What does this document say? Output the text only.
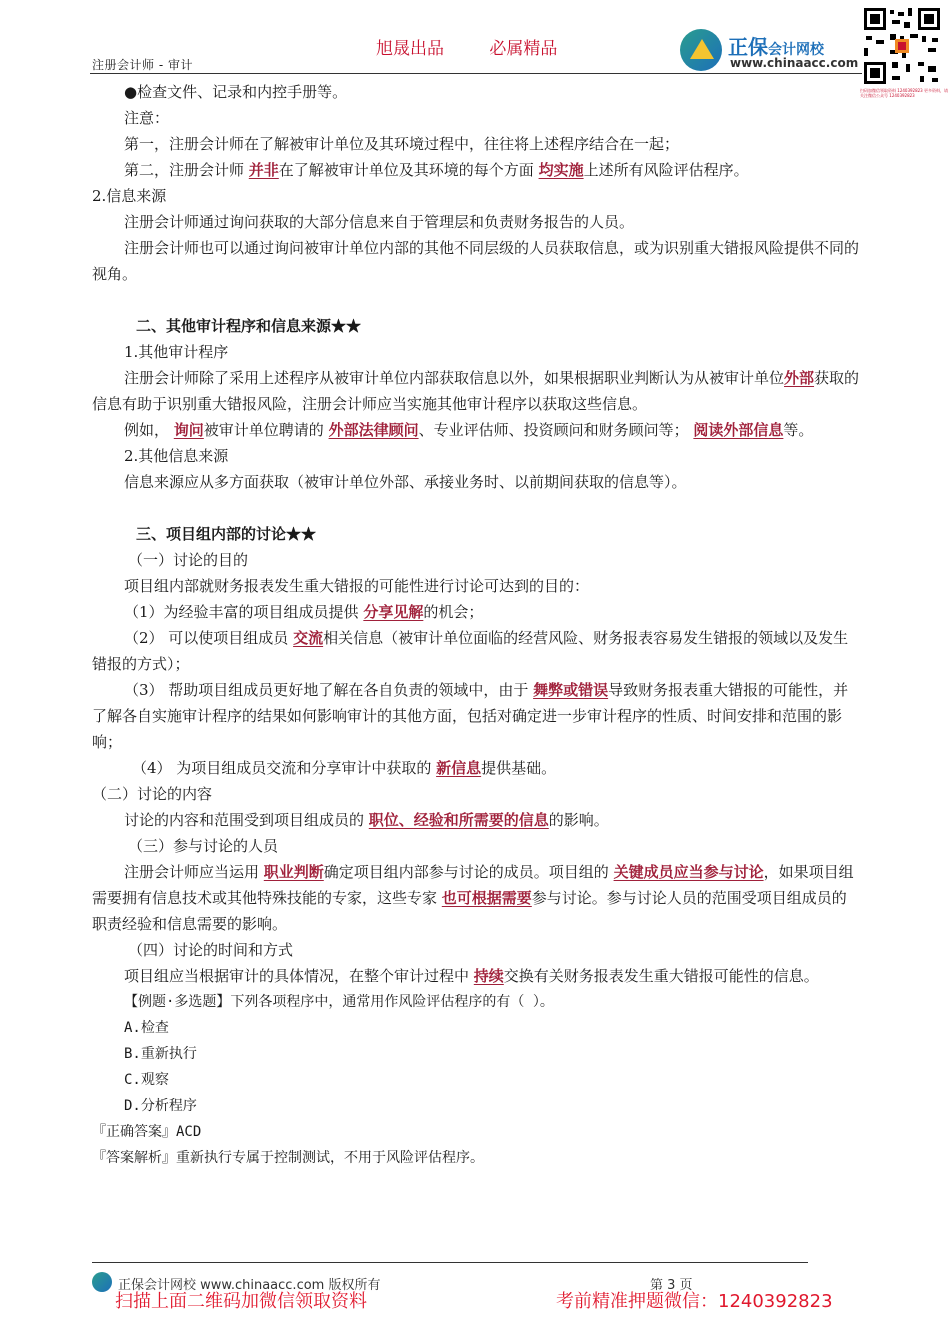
旭晟出品	必属精品
注册会计师 - 审计
正保会计网校
www.chinaacc.com
扫码加微信领取资料 1240392823 更多资料，请关注微信公众号 1240392823

●检查文件、记录和内控手册等。

注意：

第一，注册会计师在了解被审计单位及其环境过程中，往往将上述程序结合在一起；

第二，注册会计师 并非在了解被审计单位及其环境的每个方面 均实施上述所有风险评估程序。

2.信息来源

注册会计师通过询问获取的大部分信息来自于管理层和负责财务报告的人员。

注册会计师也可以通过询问被审计单位内部的其他不同层级的人员获取信息，或为识别重大错报风险提供不同的视角。

二、其他审计程序和信息来源★★

1.其他审计程序

注册会计师除了采用上述程序从被审计单位内部获取信息以外，如果根据职业判断认为从被审计单位外部获取的信息有助于识别重大错报风险，注册会计师应当实施其他审计程序以获取这些信息。

例如， 询问被审计单位聘请的 外部法律顾问、专业评估师、投资顾问和财务顾问等； 阅读外部信息等。

2.其他信息来源

信息来源应从多方面获取（被审计单位外部、承接业务时、以前期间获取的信息等）。

三、项目组内部的讨论★★

（一）讨论的目的

项目组内部就财务报表发生重大错报的可能性进行讨论可达到的目的：

（1）为经验丰富的项目组成员提供 分享见解的机会；

（2） 可以使项目组成员 交流相关信息（被审计单位面临的经营风险、财务报表容易发生错报的领域以及发生错报的方式）；

（3） 帮助项目组成员更好地了解在各自负责的领域中，由于 舞弊或错误导致财务报表重大错报的可能性，并了解各自实施审计程序的结果如何影响审计的其他方面，包括对确定进一步审计程序的性质、时间安排和范围的影响；

（4） 为项目组成员交流和分享审计中获取的 新信息提供基础。

（二）讨论的内容

讨论的内容和范围受到项目组成员的 职位、经验和所需要的信息的影响。

（三）参与讨论的人员

注册会计师应当运用 职业判断确定项目组内部参与讨论的成员。项目组的 关键成员应当参与讨论，如果项目组需要拥有信息技术或其他特殊技能的专家，这些专家 也可根据需要参与讨论。参与讨论人员的范围受项目组成员的职责经验和信息需要的影响。

（四）讨论的时间和方式

项目组应当根据审计的具体情况，在整个审计过程中 持续交换有关财务报表发生重大错报可能性的信息。

【例题·多选题】下列各项程序中，通常用作风险评估程序的有（ ）。

A.检查

B.重新执行

C.观察

D.分析程序

『正确答案』ACD

『答案解析』重新执行专属于控制测试，不用于风险评估程序。

正保会计网校 www.chinaacc.com 版权所有	第 3 页
扫描上面二维码加微信领取资料	考前精准押题微信：1240392823
